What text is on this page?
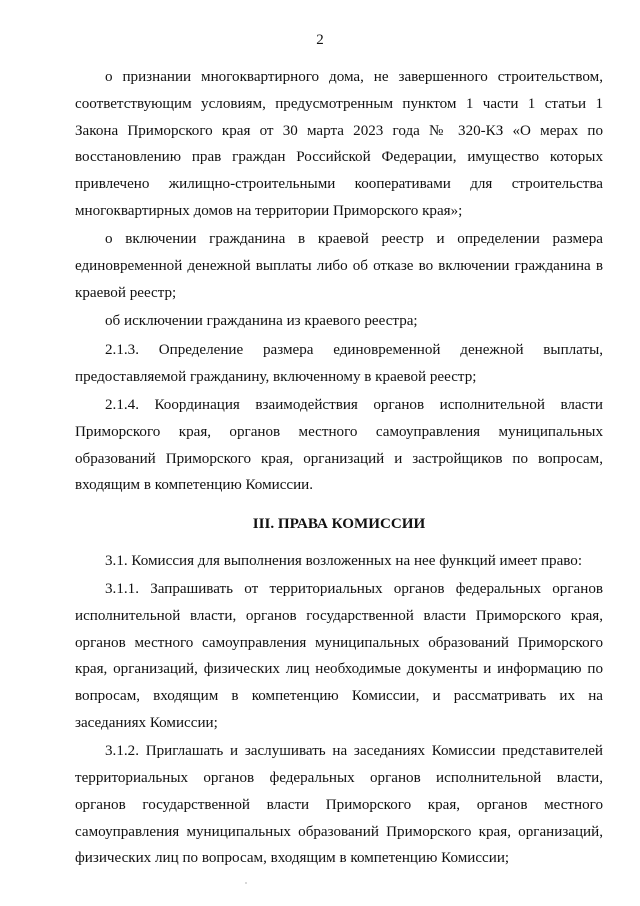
2
о признании многоквартирного дома, не завершенного строительством,
соответствующим условиям, предусмотренным пунктом 1 части 1 статьи 1
Закона Приморского края от 30 марта 2023 года № 320-КЗ «О мерах по
восстановлению прав граждан Российской Федерации, имущество которых
привлечено жилищно-строительными кооперативами для строительства
многоквартирных домов на территории Приморского края»;
о включении гражданина в краевой реестр и определении размера
единовременной денежной выплаты либо об отказе во включении гражданина в
краевой реестр;
об исключении гражданина из краевого реестра;
2.1.3. Определение размера единовременной денежной выплаты,
предоставляемой гражданину, включенному в краевой реестр;
2.1.4. Координация взаимодействия органов исполнительной власти
Приморского края, органов местного самоуправления муниципальных
образований Приморского края, организаций и застройщиков по вопросам,
входящим в компетенцию Комиссии.
III. ПРАВА КОМИССИИ
3.1. Комиссия для выполнения возложенных на нее функций имеет право:
3.1.1. Запрашивать от территориальных органов федеральных органов
исполнительной власти, органов государственной власти Приморского края,
органов местного самоуправления муниципальных образований Приморского
края, организаций, физических лиц необходимые документы и информацию по
вопросам, входящим в компетенцию Комиссии, и рассматривать их на
заседаниях Комиссии;
3.1.2. Приглашать и заслушивать на заседаниях Комиссии представителей
территориальных органов федеральных органов исполнительной власти,
органов государственной власти Приморского края, органов местного
самоуправления муниципальных образований Приморского края, организаций,
физических лиц по вопросам, входящим в компетенцию Комиссии;
